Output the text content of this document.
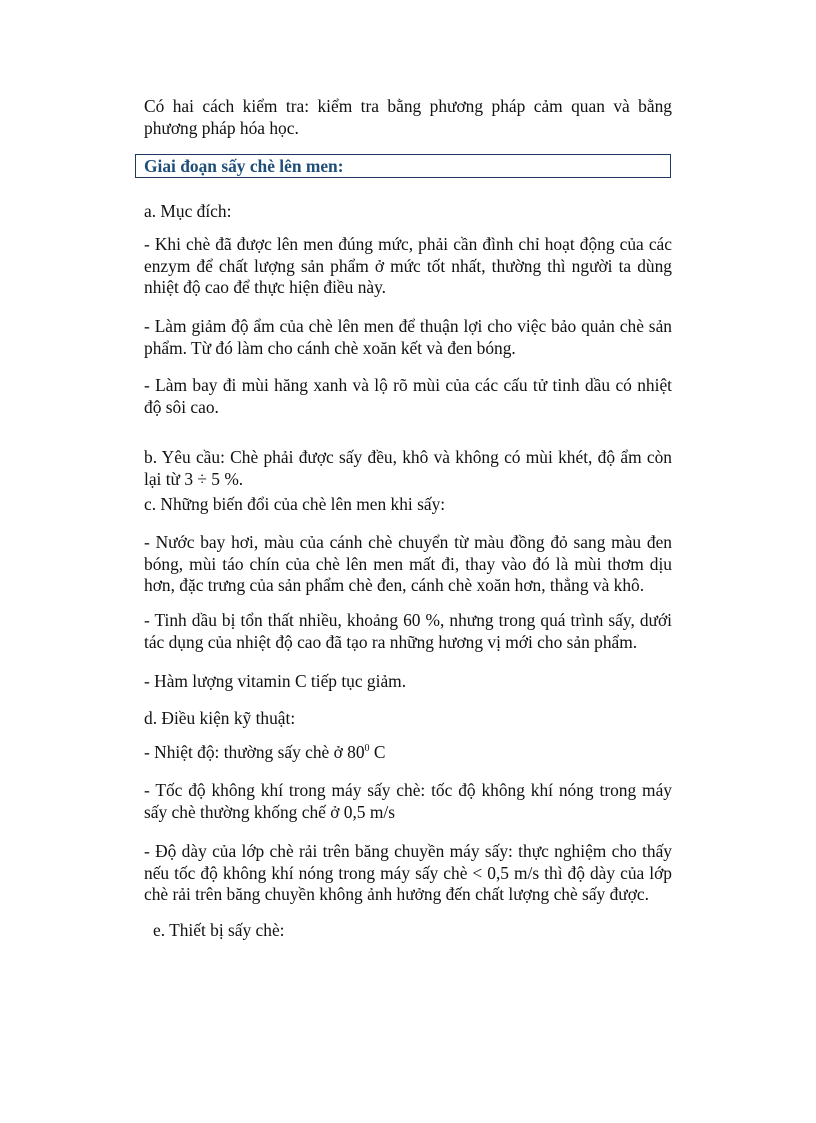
Có hai cách kiểm tra: kiểm tra bằng phương pháp cảm quan và bằng phương pháp hóa học.

Giai đoạn sấy chè lên men:

a. Mục đích:

- Khi chè đã được lên men đúng mức, phải cần đình chỉ hoạt động của các enzym để chất lượng sản phẩm ở mức tốt nhất, thường thì người ta dùng nhiệt độ cao để thực hiện điều này.

- Làm giảm độ ẩm của chè lên men để thuận lợi cho việc bảo quản chè sản phẩm. Từ đó làm cho cánh chè xoăn kết và đen bóng.

- Làm bay đi mùi hăng xanh và lộ rõ mùi của các cấu tử tinh dầu có nhiệt độ sôi cao.

b. Yêu cầu: Chè phải được sấy đều, khô và không có mùi khét, độ ẩm còn lại từ 3 ÷ 5 %.

c. Những biến đổi của chè lên men khi sấy:

- Nước bay hơi, màu của cánh chè chuyển từ màu đồng đỏ sang màu đen bóng, mùi táo chín của chè lên men mất đi, thay vào đó là mùi thơm dịu hơn, đặc trưng của sản phẩm chè đen, cánh chè xoăn hơn, thẳng và khô.

- Tinh dầu bị tổn thất nhiều, khoảng 60 %, nhưng trong quá trình sấy, dưới tác dụng của nhiệt độ cao đã tạo ra những hương vị mới cho sản phẩm.

- Hàm lượng vitamin C tiếp tục giảm.

d. Điều kiện kỹ thuật:

- Nhiệt độ: thường sấy chè ở $80^0$ C

- Tốc độ không khí trong máy sấy chè: tốc độ không khí nóng trong máy sấy chè thường khống chế ở 0,5 m/s

- Độ dày của lớp chè rải trên băng chuyền máy sấy: thực nghiệm cho thấy nếu tốc độ không khí nóng trong máy sấy chè < 0,5 m/s thì độ dày của lớp chè rải trên băng chuyền không ảnh hưởng đến chất lượng chè sấy được.

e. Thiết bị sấy chè:
